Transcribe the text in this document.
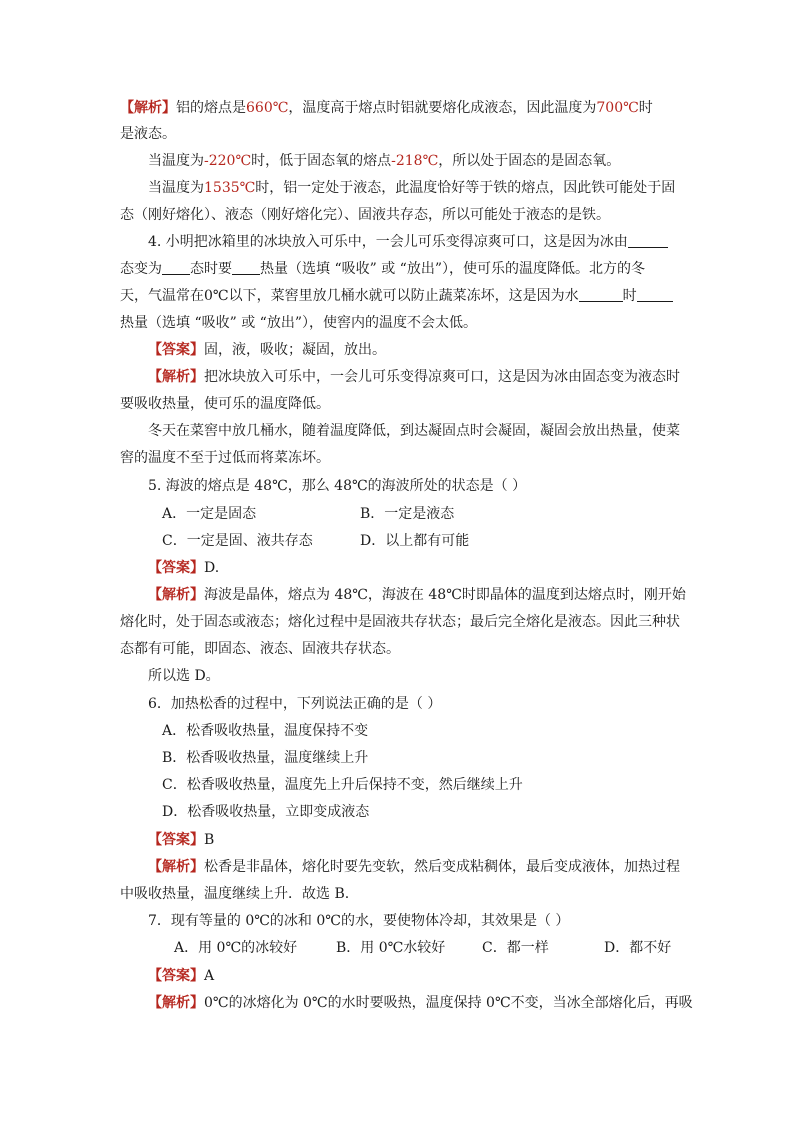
【解析】铝的熔点是660℃，温度高于熔点时铝就要熔化成液态，因此温度为700℃时
是液态。
当温度为-220℃时，低于固态氧的熔点-218℃，所以处于固态的是固态氧。
当温度为1535℃时，铝一定处于液态，此温度恰好等于铁的熔点，因此铁可能处于固
态（刚好熔化）、液态（刚好熔化完）、固液共存态，所以可能处于液态的是铁。
4. 小明把冰箱里的冰块放入可乐中，一会儿可乐变得凉爽可口，这是因为冰由
态变为 态时要 热量（选填 “吸收” 或 “放出”），使可乐的温度降低。北方的冬
天，气温常在0℃以下，菜窖里放几桶水就可以防止蔬菜冻坏，这是因为水	时
热量（选填 “吸收” 或 “放出”），使窖内的温度不会太低。
【答案】固，液，吸收；凝固，放出。
【解析】把冰块放入可乐中，一会儿可乐变得凉爽可口，这是因为冰由固态变为液态时
要吸收热量，使可乐的温度降低。
冬天在菜窖中放几桶水，随着温度降低，到达凝固点时会凝固，凝固会放出热量，使菜
窖的温度不至于过低而将菜冻坏。
5. 海波的熔点是 48℃，那么 48℃的海波所处的状态是（ ）
A．一定是固态	B．一定是液态
C．一定是固、液共存态	D．以上都有可能
【答案】D.
【解析】海波是晶体，熔点为 48℃，海波在 48℃时即晶体的温度到达熔点时，刚开始
熔化时，处于固态或液态；熔化过程中是固液共存状态；最后完全熔化是液态。因此三种状
态都有可能，即固态、液态、固液共存状态。
所以选 D。
6．加热松香的过程中，下列说法正确的是（ ）
A．松香吸收热量，温度保持不变
B．松香吸收热量，温度继续上升
C．松香吸收热量，温度先上升后保持不变，然后继续上升
D．松香吸收热量，立即变成液态
【答案】B
【解析】松香是非晶体，熔化时要先变软，然后变成粘稠体，最后变成液体，加热过程
中吸收热量，温度继续上升．故选 B.
7．现有等量的 0℃的冰和 0℃的水，要使物体冷却，其效果是（ ）
A．用 0℃的冰较好	B．用 0℃水较好	C．都一样	D．都不好
【答案】A
【解析】0℃的冰熔化为 0℃的水时要吸热，温度保持 0℃不变，当冰全部熔化后，再吸
